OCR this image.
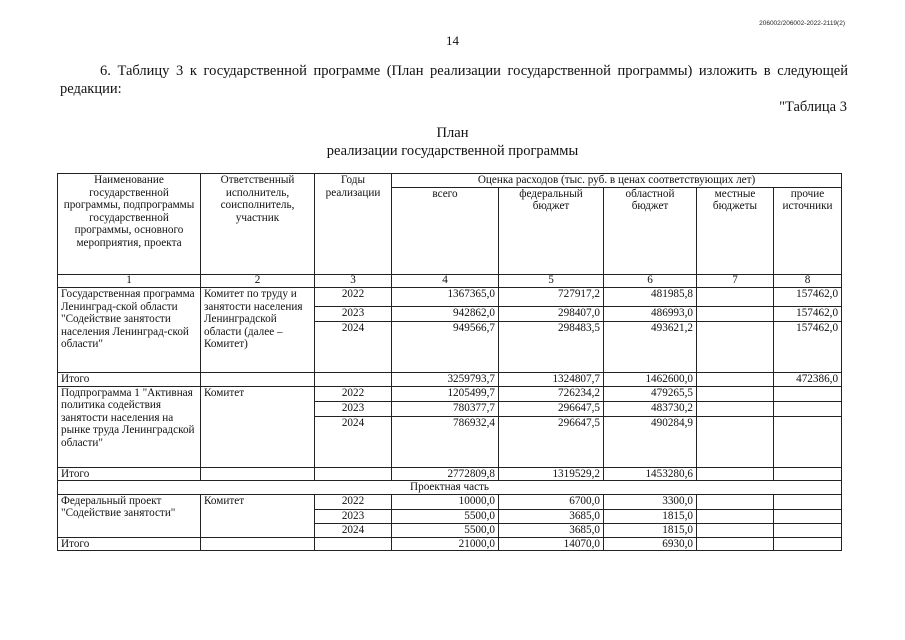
206002/206002-2022-2119(2)
14
6. Таблицу 3 к государственной программе (План реализации государственной программы) изложить в следующей редакции:
"Таблица 3
План
реализации государственной программы
Наименование государственной программы, подпрограммы государственной программы, основного мероприятия, проекта	Ответственный исполнитель, соисполнитель, участник	Годы реализации	Оценка расходов (тыс. руб. в ценах соответствующих лет)				
			всего	федеральный бюджет	областной бюджет	местные бюджеты	прочие источники
1	2	3	4	5	6	7	8
Государственная программа Ленинград-ской области "Содействие занятости населения Ленинград-ской области"	Комитет по труду и занятости населения Ленинградской области (далее – Комитет)	2022	1367365,0	727917,2	481985,8		157462,0
		2023	942862,0	298407,0	486993,0		157462,0
		2024	949566,7	298483,5	493621,2		157462,0
Итого			3259793,7	1324807,7	1462600,0		472386,0
Подпрограмма 1 "Активная политика содействия занятости населения на рынке труда Ленинградской области"	Комитет	2022	1205499,7	726234,2	479265,5		
		2023	780377,7	296647,5	483730,2		
		2024	786932,4	296647,5	490284,9		
Итого			2772809,8	1319529,2	1453280,6		
Проектная часть							
Федеральный проект "Содействие занятости"	Комитет	2022	10000,0	6700,0	3300,0		
		2023	5500,0	3685,0	1815,0		
		2024	5500,0	3685,0	1815,0		
Итого			21000,0	14070,0	6930,0		
